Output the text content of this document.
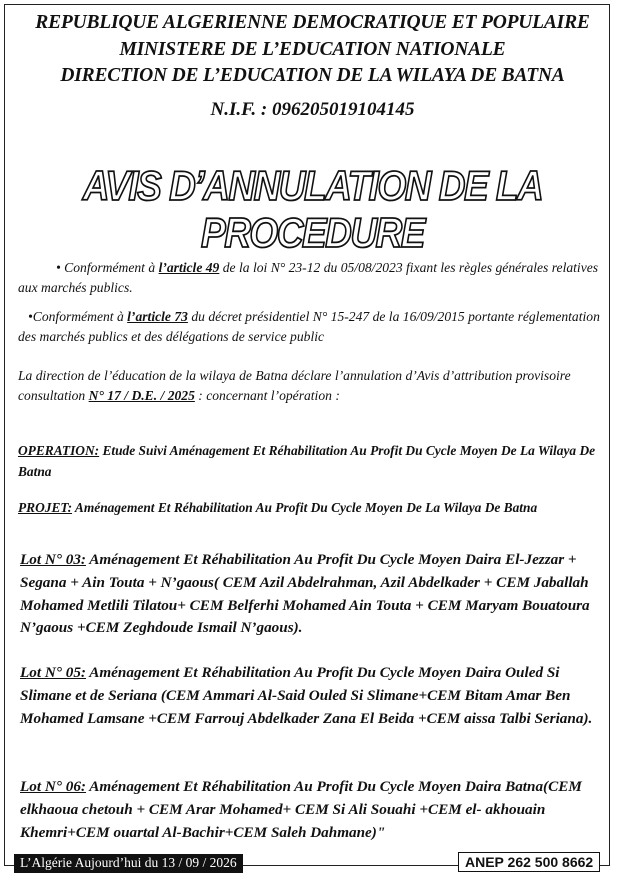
REPUBLIQUE ALGERIENNE DEMOCRATIQUE ET POPULAIRE
MINISTERE DE L’EDUCATION NATIONALE
DIRECTION DE L’EDUCATION DE LA WILAYA DE BATNA
N.I.F. : 096205019104145
AVIS D’ANNULATION DE LA PROCEDURE
• Conformément à l’article 49 de la loi N° 23-12 du 05/08/2023 fixant les règles générales relatives aux marchés publics.
•Conformément à l’article 73 du décret présidentiel N° 15-247 de la 16/09/2015 portante réglementation des marchés publics et des délégations de service public
La direction de l’éducation de la wilaya de Batna déclare l’annulation d’Avis d’attribution provisoire consultation N° 17 / D.E. / 2025 : concernant l’opération :
OPERATION: Etude Suivi Aménagement Et Réhabilitation Au Profit Du Cycle Moyen De La Wilaya De Batna
PROJET: Aménagement Et Réhabilitation Au Profit Du Cycle Moyen De La Wilaya De Batna
Lot N° 03: Aménagement Et Réhabilitation Au Profit Du Cycle Moyen Daira El-Jezzar + Segana + Ain Touta + N’gaous( CEM Azil Abdelrahman, Azil Abdelkader + CEM Jaballah Mohamed Metlili Tilatou+ CEM Belferhi Mohamed Ain Touta + CEM Maryam Bouatoura N’gaous +CEM Zeghdoude Ismail N’gaous).
Lot N° 05: Aménagement Et Réhabilitation Au Profit Du Cycle Moyen Daira Ouled Si Slimane et de Seriana (CEM Ammari Al-Said Ouled Si Slimane+CEM Bitam Amar Ben Mohamed Lamsane +CEM Farrouj Abdelkader Zana El Beida +CEM aissa Talbi Seriana).
Lot N° 06: Aménagement Et Réhabilitation Au Profit Du Cycle Moyen Daira Batna(CEM elkhaoua chetouh + CEM Arar Mohamed+ CEM Si Ali Souahi +CEM el- akhouain Khemri+CEM ouartal Al-Bachir+CEM Saleh Dahmane)"
L’Algérie Aujourd’hui du 13 / 09 / 2026	ANEP 262 500 8662
